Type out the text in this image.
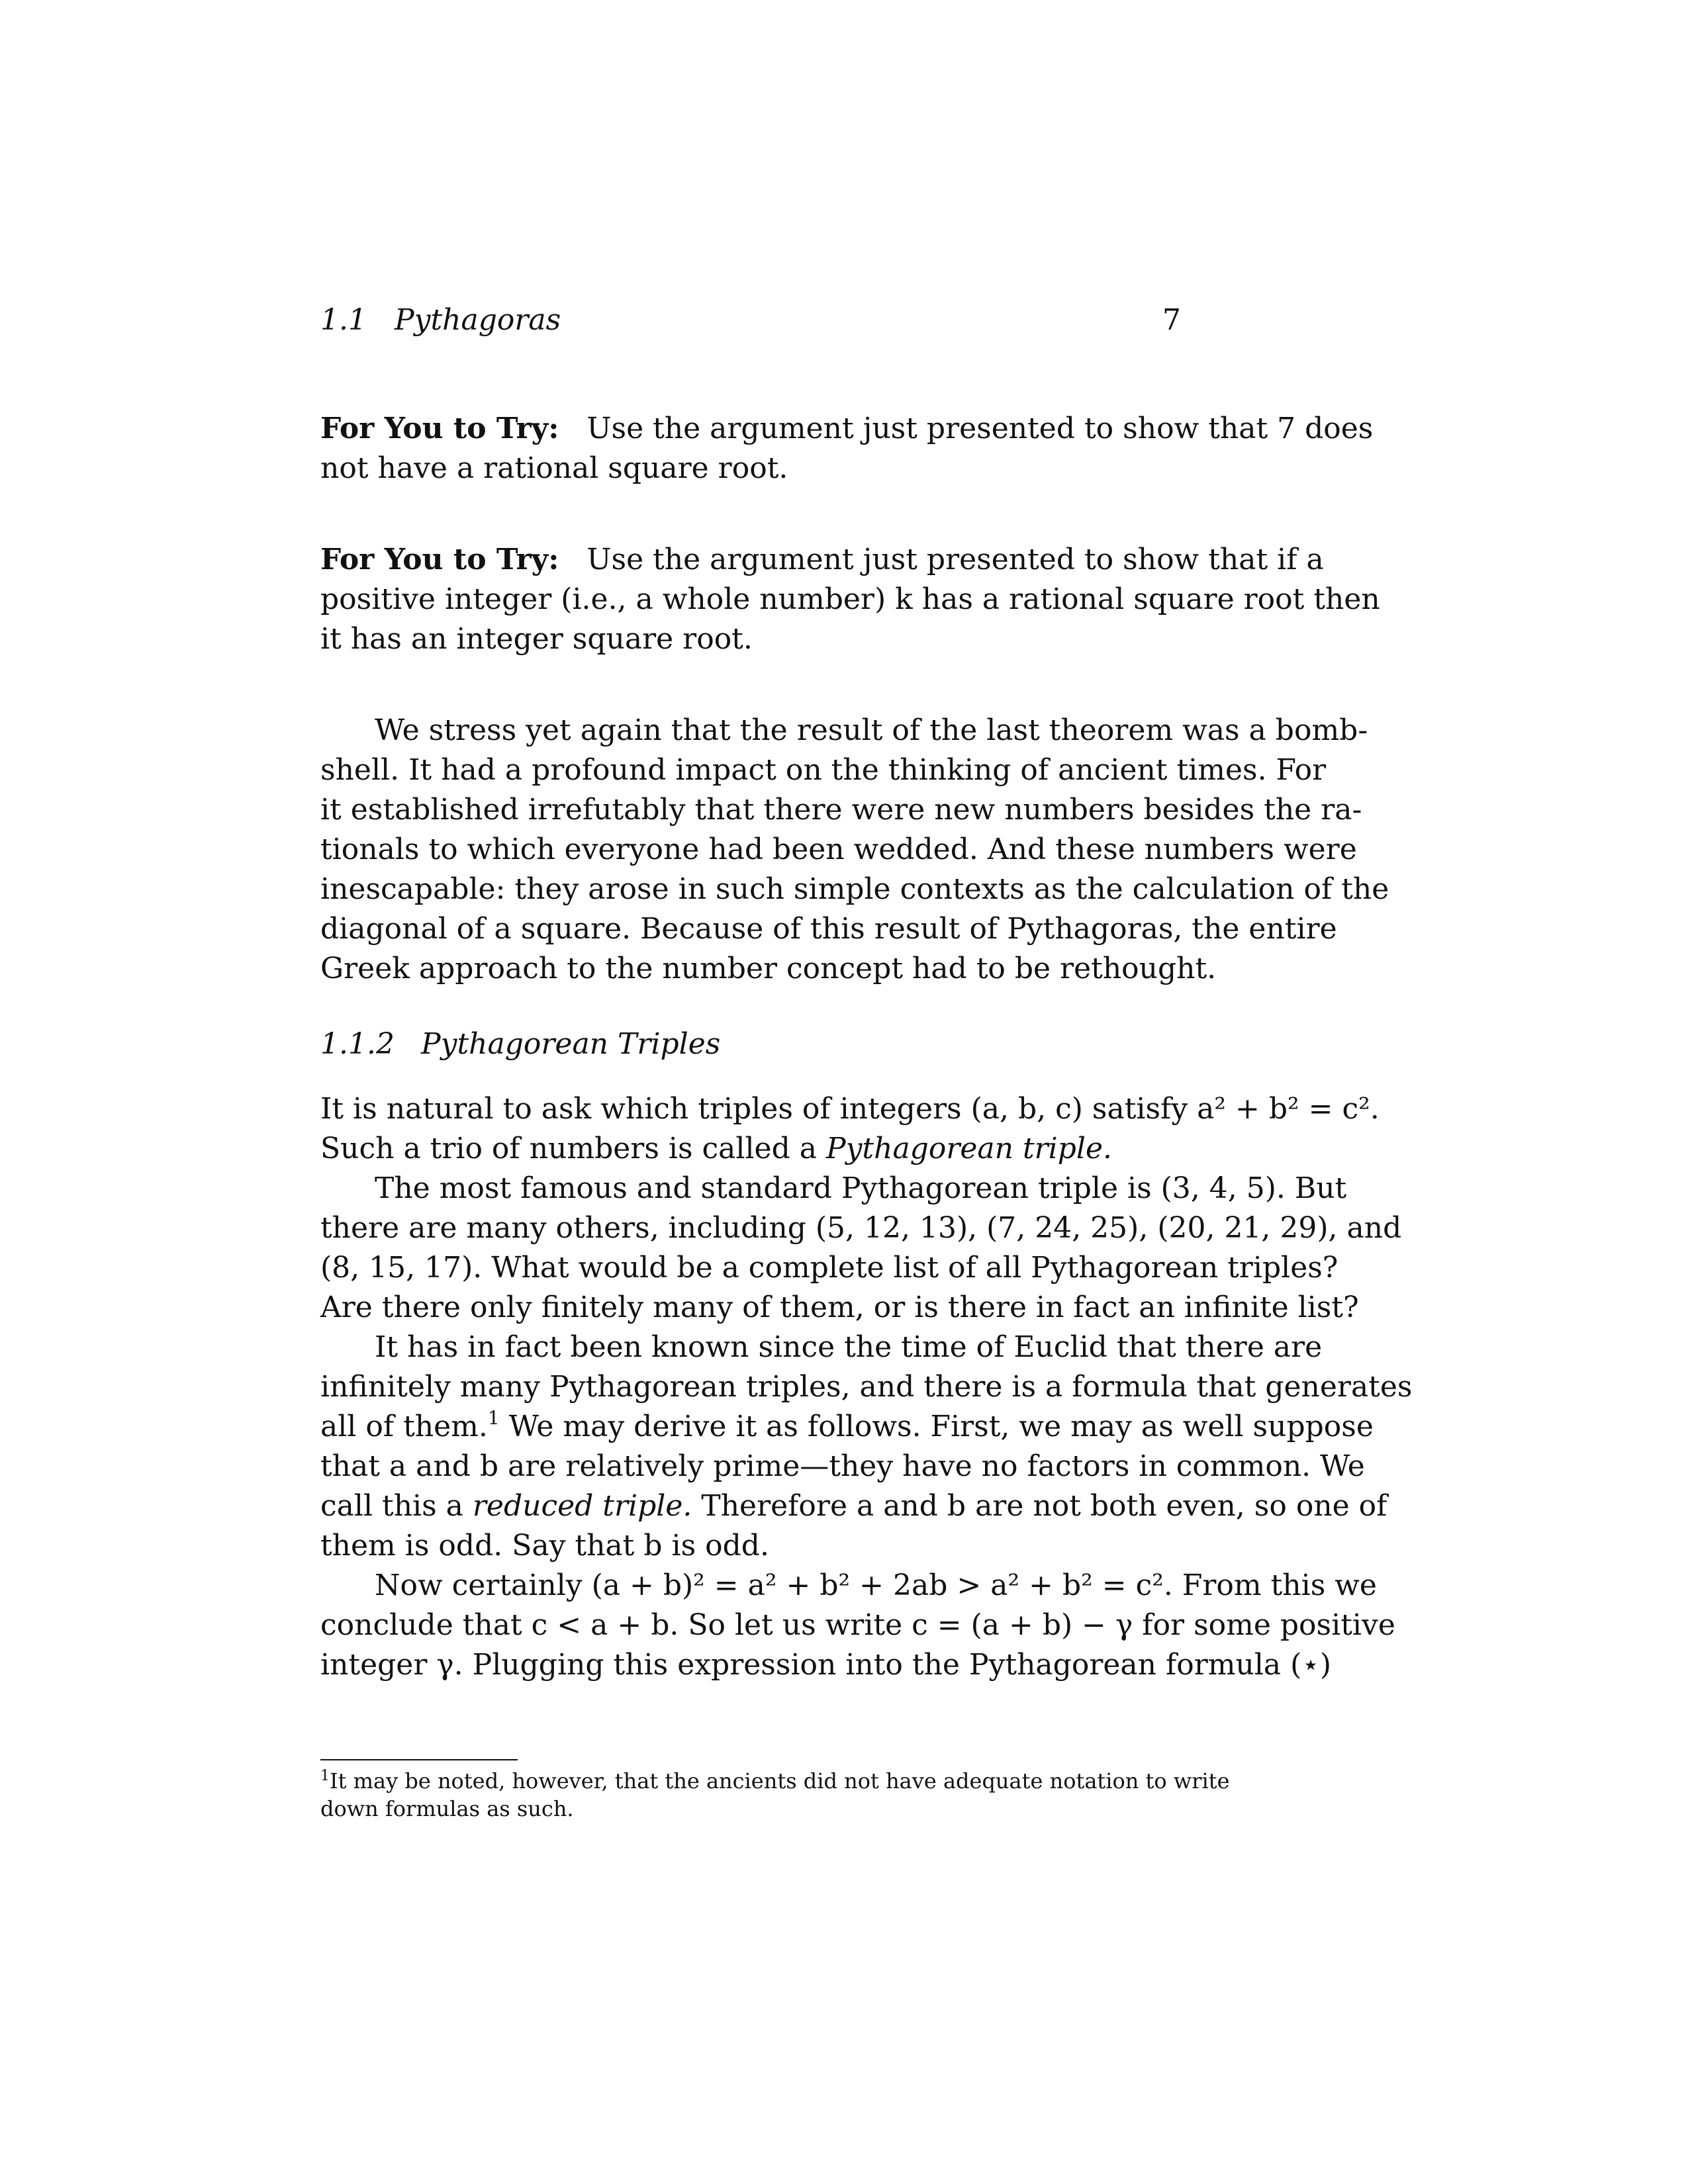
1.1 Pythagoras	7
For You to Try: Use the argument just presented to show that 7 does
not have a rational square root.
For You to Try: Use the argument just presented to show that if a
positive integer (i.e., a whole number) k has a rational square root then
it has an integer square root.
We stress yet again that the result of the last theorem was a bomb-
shell. It had a profound impact on the thinking of ancient times. For
it established irrefutably that there were new numbers besides the ra-
tionals to which everyone had been wedded. And these numbers were
inescapable: they arose in such simple contexts as the calculation of the
diagonal of a square. Because of this result of Pythagoras, the entire
Greek approach to the number concept had to be rethought.
1.1.2 Pythagorean Triples
It is natural to ask which triples of integers (a, b, c) satisfy a² + b² = c².
Such a trio of numbers is called a Pythagorean triple.
The most famous and standard Pythagorean triple is (3, 4, 5). But
there are many others, including (5, 12, 13), (7, 24, 25), (20, 21, 29), and
(8, 15, 17). What would be a complete list of all Pythagorean triples?
Are there only finitely many of them, or is there in fact an infinite list?
It has in fact been known since the time of Euclid that there are
infinitely many Pythagorean triples, and there is a formula that generates
all of them.$^1$ We may derive it as follows. First, we may as well suppose
that a and b are relatively prime—they have no factors in common. We
call this a reduced triple. Therefore a and b are not both even, so one of
them is odd. Say that b is odd.
Now certainly (a + b)² = a² + b² + 2ab > a² + b² = c². From this we
conclude that c < a + b. So let us write c = (a + b) − γ for some positive
integer γ. Plugging this expression into the Pythagorean formula (⋆)
$^1$It may be noted, however, that the ancients did not have adequate notation to write
down formulas as such.
